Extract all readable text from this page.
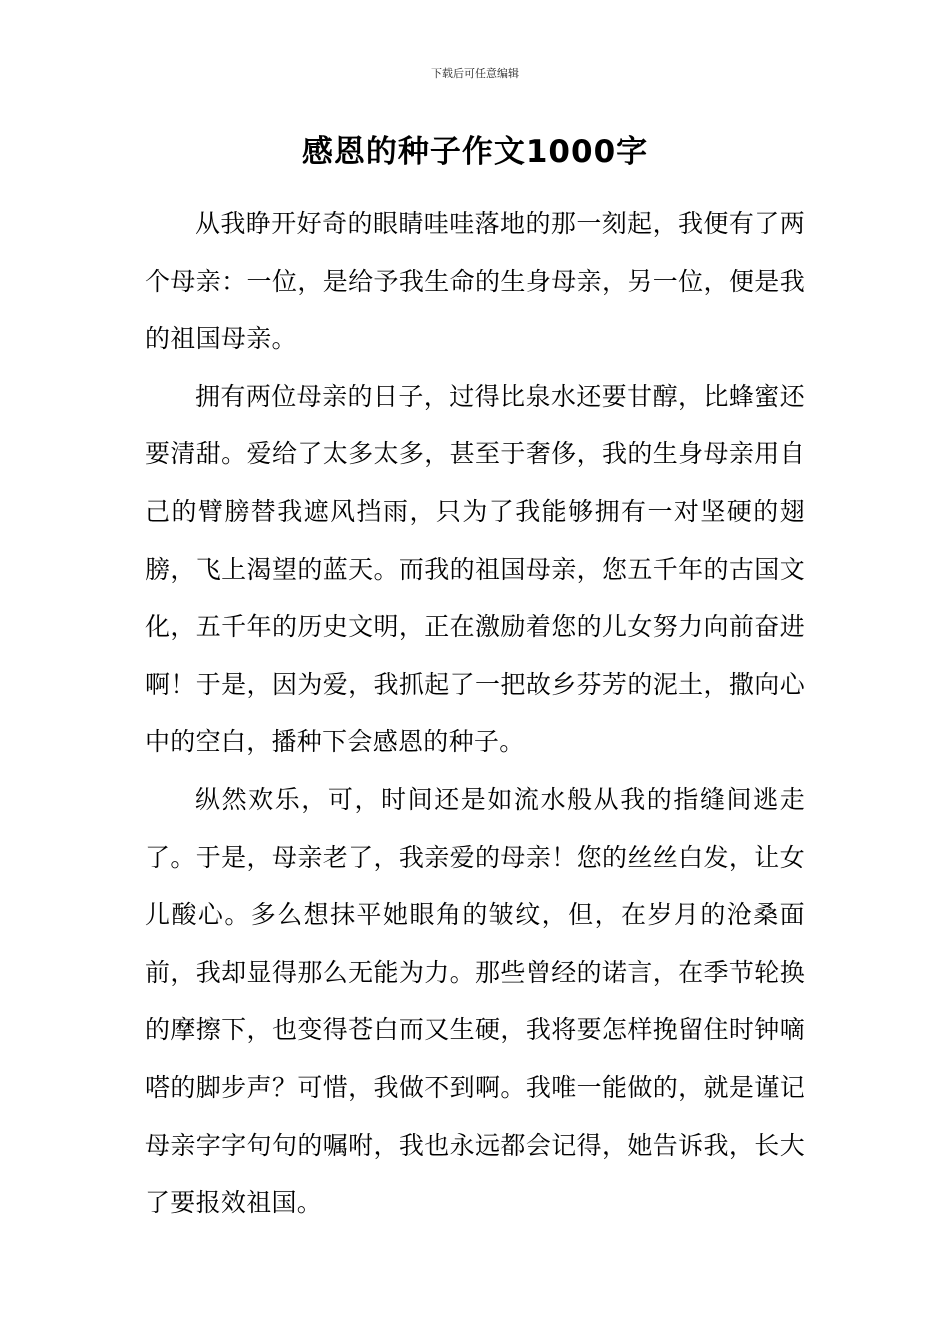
下载后可任意编辑
感恩的种子作文1000字

从我睁开好奇的眼睛哇哇落地的那一刻起，我便有了两个母亲：一位，是给予我生命的生身母亲，另一位，便是我的祖国母亲。

拥有两位母亲的日子，过得比泉水还要甘醇，比蜂蜜还要清甜。爱给了太多太多，甚至于奢侈，我的生身母亲用自己的臂膀替我遮风挡雨，只为了我能够拥有一对坚硬的翅膀，飞上渴望的蓝天。而我的祖国母亲，您五千年的古国文化，五千年的历史文明，正在激励着您的儿女努力向前奋进啊！于是，因为爱，我抓起了一把故乡芬芳的泥土，撒向心中的空白，播种下会感恩的种子。

纵然欢乐，可，时间还是如流水般从我的指缝间逃走了。于是，母亲老了，我亲爱的母亲！您的丝丝白发，让女儿酸心。多么想抹平她眼角的皱纹，但，在岁月的沧桑面前，我却显得那么无能为力。那些曾经的诺言，在季节轮换的摩擦下，也变得苍白而又生硬，我将要怎样挽留住时钟嘀嗒的脚步声？可惜，我做不到啊。我唯一能做的，就是谨记母亲字字句句的嘱咐，我也永远都会记得，她告诉我，长大了要报效祖国。
